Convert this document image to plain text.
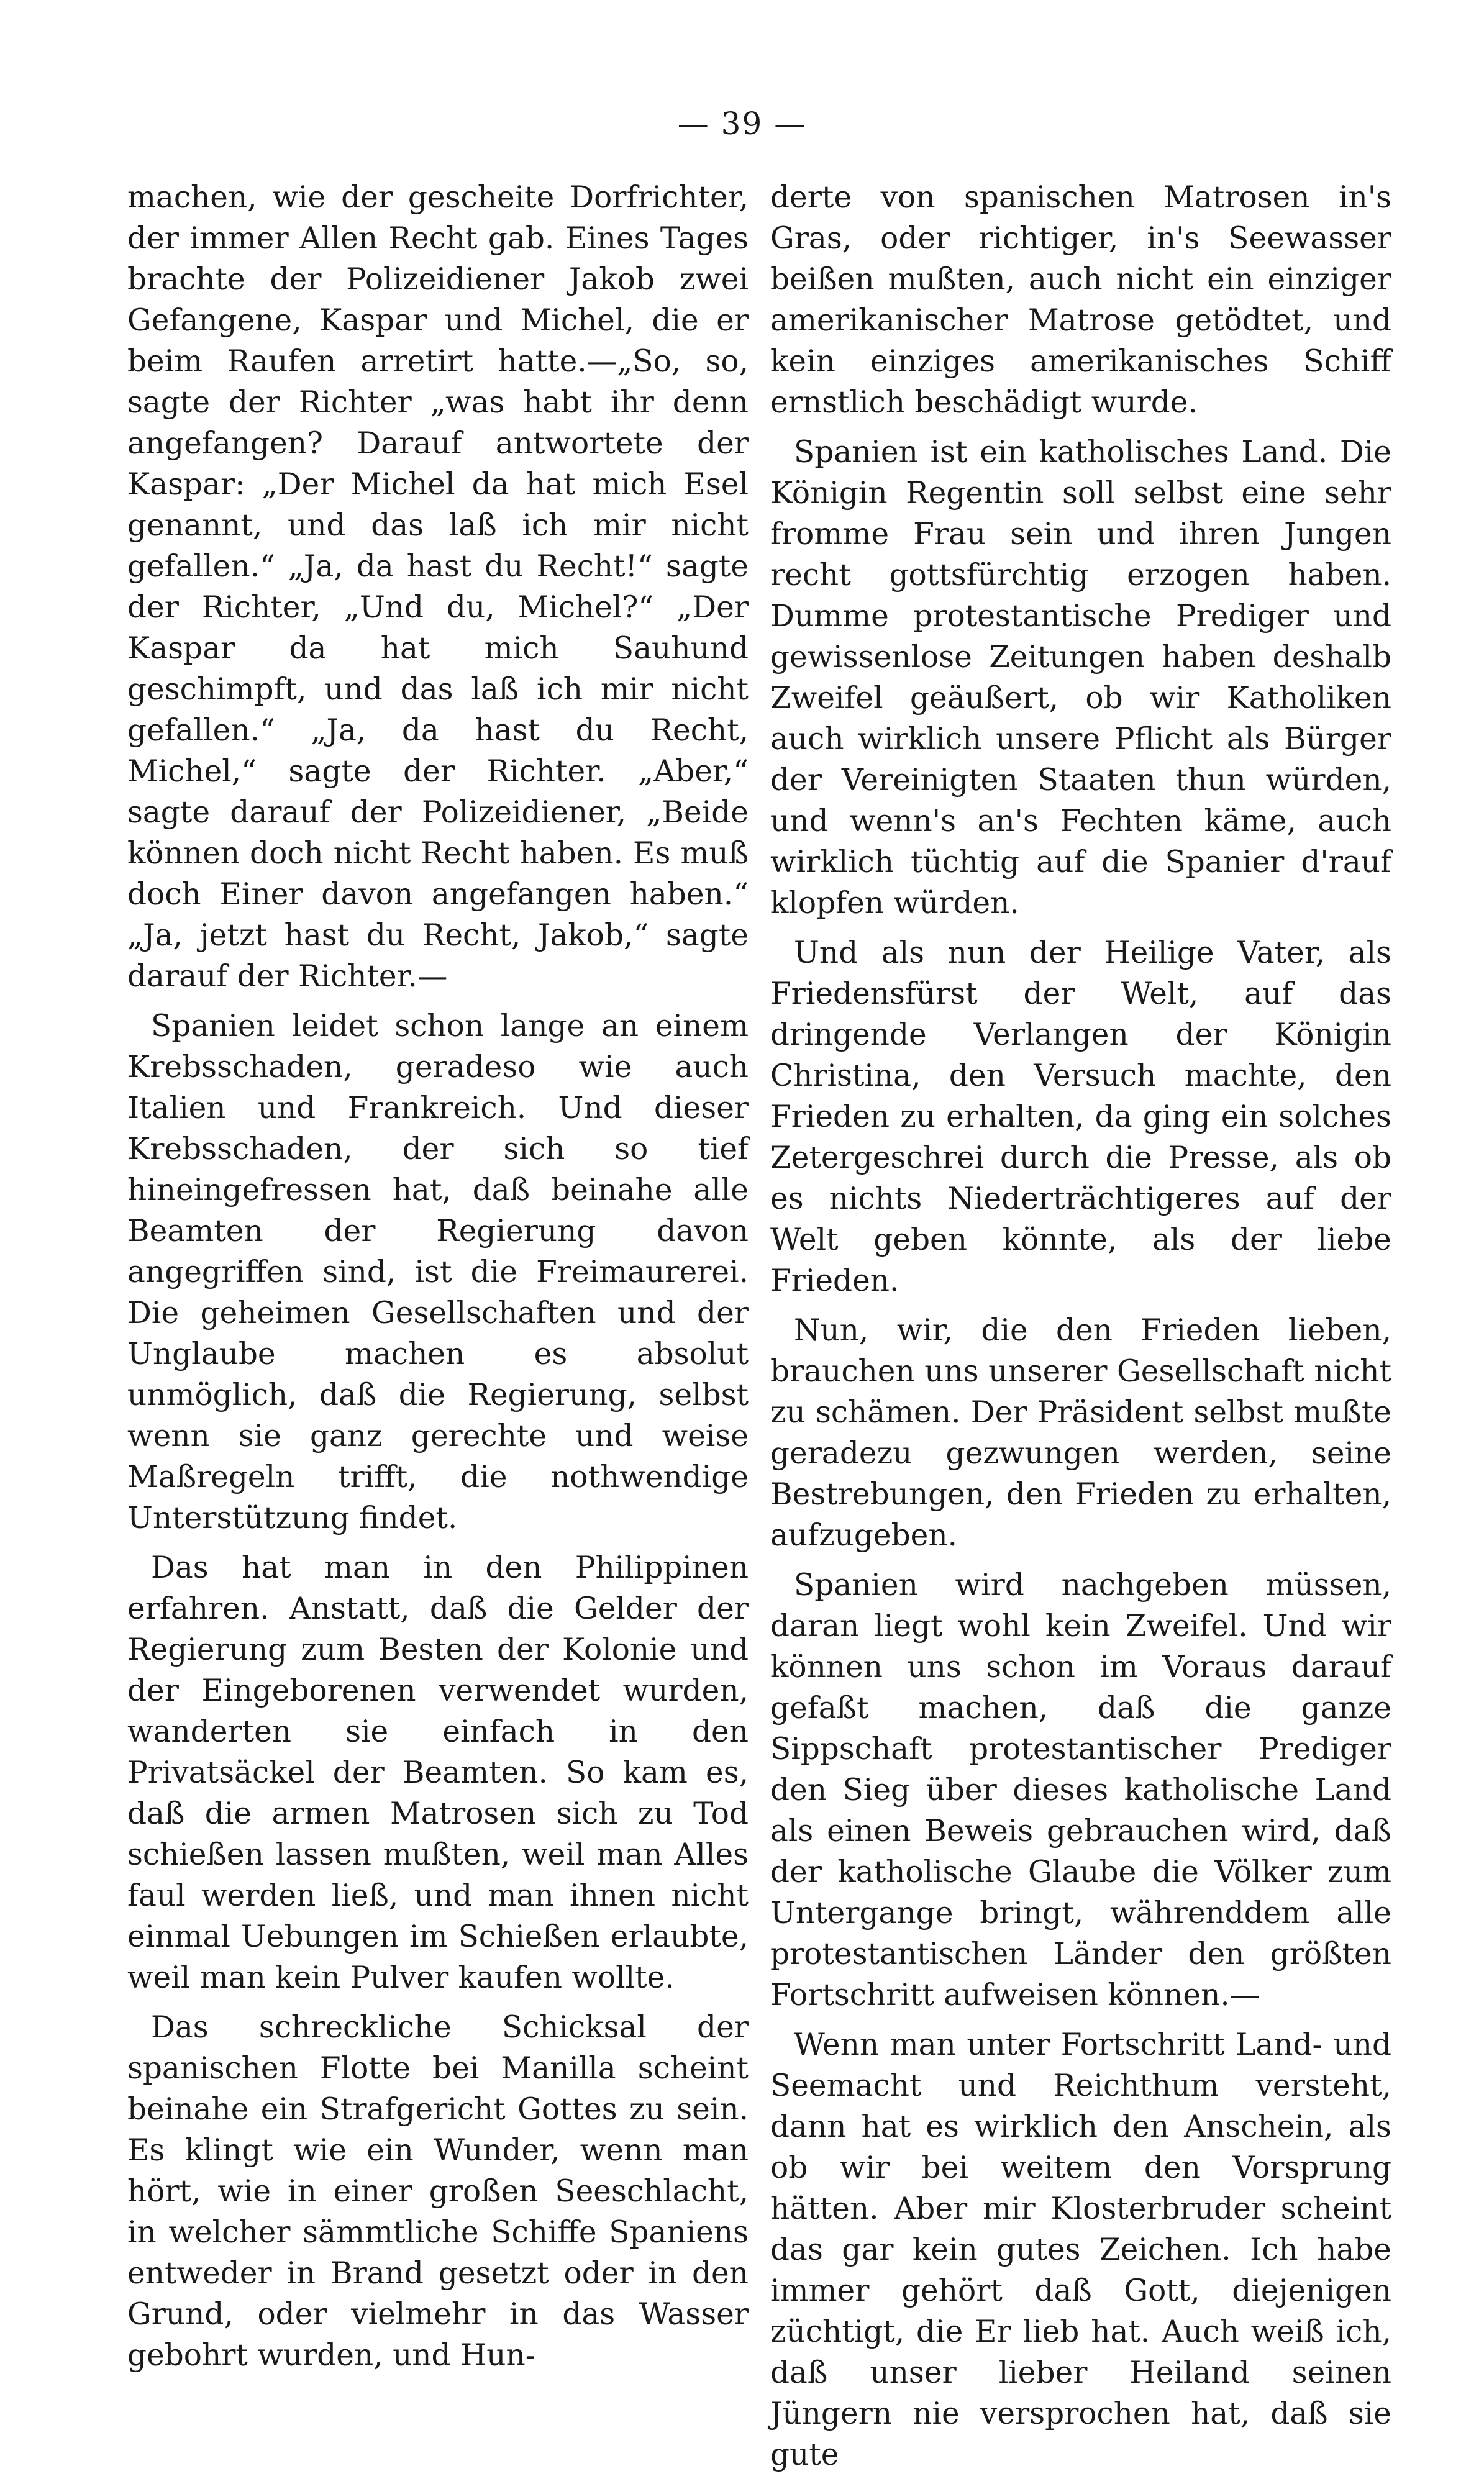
— 39 —

machen, wie der gescheite Dorfrichter, der immer Allen Recht gab. Eines Tages brachte der Polizeidiener Jakob zwei Gefangene, Kaspar und Michel, die er beim Raufen arretirt hatte.—„So, so, sagte der Richter „was habt ihr denn angefangen? Darauf antwortete der Kaspar: „Der Michel da hat mich Esel genannt, und das laß ich mir nicht gefallen.“ „Ja, da hast du Recht!“ sagte der Richter, „Und du, Michel?“ „Der Kaspar da hat mich Sauhund geschimpft, und das laß ich mir nicht gefallen.“ „Ja, da hast du Recht, Michel,“ sagte der Richter. „Aber,“ sagte darauf der Polizeidiener, „Beide können doch nicht Recht haben. Es muß doch Einer davon angefangen haben.“ „Ja, jetzt hast du Recht, Jakob,“ sagte darauf der Richter.—

Spanien leidet schon lange an einem Krebsschaden, geradeso wie auch Italien und Frankreich. Und dieser Krebsschaden, der sich so tief hineingefressen hat, daß beinahe alle Beamten der Regierung davon angegriffen sind, ist die Freimaurerei. Die geheimen Gesellschaften und der Unglaube machen es absolut unmöglich, daß die Regierung, selbst wenn sie ganz gerechte und weise Maßregeln trifft, die nothwendige Unterstützung findet.

Das hat man in den Philippinen erfahren. Anstatt, daß die Gelder der Regierung zum Besten der Kolonie und der Eingeborenen verwendet wurden, wanderten sie einfach in den Privatsäckel der Beamten. So kam es, daß die armen Matrosen sich zu Tod schießen lassen mußten, weil man Alles faul werden ließ, und man ihnen nicht einmal Uebungen im Schießen erlaubte, weil man kein Pulver kaufen wollte.

Das schreckliche Schicksal der spanischen Flotte bei Manilla scheint beinahe ein Strafgericht Gottes zu sein. Es klingt wie ein Wunder, wenn man hört, wie in einer großen Seeschlacht, in welcher sämmtliche Schiffe Spaniens entweder in Brand gesetzt oder in den Grund, oder vielmehr in das Wasser gebohrt wurden, und Hun-

derte von spanischen Matrosen in's Gras, oder richtiger, in's Seewasser beißen mußten, auch nicht ein einziger amerikanischer Matrose getödtet, und kein einziges amerikanisches Schiff ernstlich beschädigt wurde.

Spanien ist ein katholisches Land. Die Königin Regentin soll selbst eine sehr fromme Frau sein und ihren Jungen recht gottsfürchtig erzogen haben. Dumme protestantische Prediger und gewissenlose Zeitungen haben deshalb Zweifel geäußert, ob wir Katholiken auch wirklich unsere Pflicht als Bürger der Vereinigten Staaten thun würden, und wenn's an's Fechten käme, auch wirklich tüchtig auf die Spanier d'rauf klopfen würden.

Und als nun der Heilige Vater, als Friedensfürst der Welt, auf das dringende Verlangen der Königin Christina, den Versuch machte, den Frieden zu erhalten, da ging ein solches Zetergeschrei durch die Presse, als ob es nichts Niederträchtigeres auf der Welt geben könnte, als der liebe Frieden.

Nun, wir, die den Frieden lieben, brauchen uns unserer Gesellschaft nicht zu schämen. Der Präsident selbst mußte geradezu gezwungen werden, seine Bestrebungen, den Frieden zu erhalten, aufzugeben.

Spanien wird nachgeben müssen, daran liegt wohl kein Zweifel. Und wir können uns schon im Voraus darauf gefaßt machen, daß die ganze Sippschaft protestantischer Prediger den Sieg über dieses katholische Land als einen Beweis gebrauchen wird, daß der katholische Glaube die Völker zum Untergange bringt, währenddem alle protestantischen Länder den größten Fortschritt aufweisen können.—

Wenn man unter Fortschritt Land- und Seemacht und Reichthum versteht, dann hat es wirklich den Anschein, als ob wir bei weitem den Vorsprung hätten. Aber mir Klosterbruder scheint das gar kein gutes Zeichen. Ich habe immer gehört daß Gott, diejenigen züchtigt, die Er lieb hat. Auch weiß ich, daß unser lieber Heiland seinen Jüngern nie versprochen hat, daß sie gute
